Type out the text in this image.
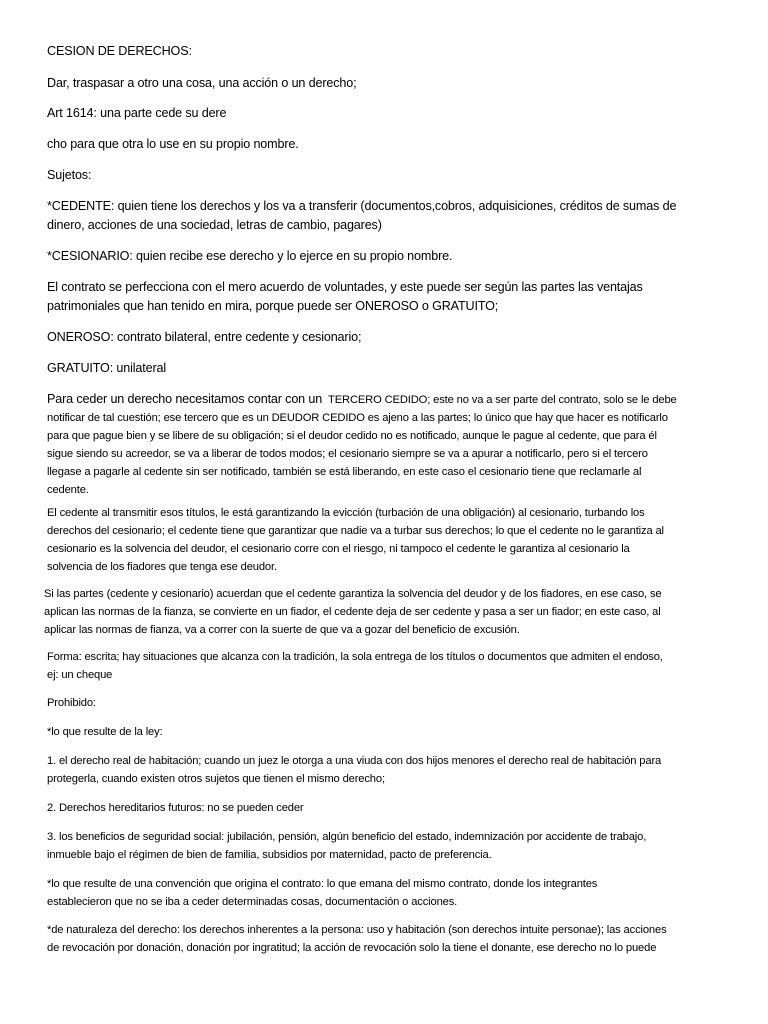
CESION DE DERECHOS:

Dar, traspasar a otro una cosa, una acción o un derecho;

Art 1614: una parte cede su dere

cho para que otra lo use en su propio nombre.

Sujetos:

*CEDENTE: quien tiene los derechos y los va a transferir (documentos,cobros, adquisiciones, créditos de sumas de
dinero, acciones de una sociedad, letras de cambio, pagares)

*CESIONARIO: quien recibe ese derecho y lo ejerce en su propio nombre.

El contrato se perfecciona con el mero acuerdo de voluntades, y este puede ser según las partes las ventajas
patrimoniales que han tenido en mira, porque puede ser ONEROSO o GRATUITO;

ONEROSO: contrato bilateral, entre cedente y cesionario;

GRATUITO: unilateral

Para ceder un derecho necesitamos contar con un TERCERO CEDIDO; este no va a ser parte del contrato, solo se le debe
notificar de tal cuestión; ese tercero que es un DEUDOR CEDIDO es ajeno a las partes; lo único que hay que hacer es notificarlo
para que pague bien y se libere de su obligación; si el deudor cedido no es notificado, aunque le pague al cedente, que para él
sigue siendo su acreedor, se va a liberar de todos modos; el cesionario siempre se va a apurar a notificarlo, pero si el tercero
llegase a pagarle al cedente sin ser notificado, también se está liberando, en este caso el cesionario tiene que reclamarle al
cedente.

El cedente al transmitir esos títulos, le está garantizando la evicción (turbación de una obligación) al cesionario, turbando los
derechos del cesionario; el cedente tiene que garantizar que nadie va a turbar sus derechos; lo que el cedente no le garantiza al
cesionario es la solvencia del deudor, el cesionario corre con el riesgo, ni tampoco el cedente le garantiza al cesionario la
solvencia de los fiadores que tenga ese deudor.

Si las partes (cedente y cesionario) acuerdan que el cedente garantiza la solvencia del deudor y de los fiadores, en ese caso, se
aplican las normas de la fianza, se convierte en un fiador, el cedente deja de ser cedente y pasa a ser un fiador; en este caso, al
aplicar las normas de fianza, va a correr con la suerte de que va a gozar del beneficio de excusión.

Forma: escrita; hay situaciones que alcanza con la tradición, la sola entrega de los títulos o documentos que admiten el endoso,
ej: un cheque

Prohibido:

*lo que resulte de la ley:

1. el derecho real de habitación; cuando un juez le otorga a una viuda con dos hijos menores el derecho real de habitación para
protegerla, cuando existen otros sujetos que tienen el mismo derecho;

2. Derechos hereditarios futuros: no se pueden ceder

3. los beneficios de seguridad social: jubilación, pensión, algún beneficio del estado, indemnización por accidente de trabajo,
inmueble bajo el régimen de bien de familia, subsidios por maternidad, pacto de preferencia.

*lo que resulte de una convención que origina el contrato: lo que emana del mismo contrato, donde los integrantes
establecieron que no se iba a ceder determinadas cosas, documentación o acciones.

*de naturaleza del derecho: los derechos inherentes a la persona: uso y habitación (son derechos intuite personae); las acciones
de revocación por donación, donación por ingratitud; la acción de revocación solo la tiene el donante, ese derecho no lo puede
